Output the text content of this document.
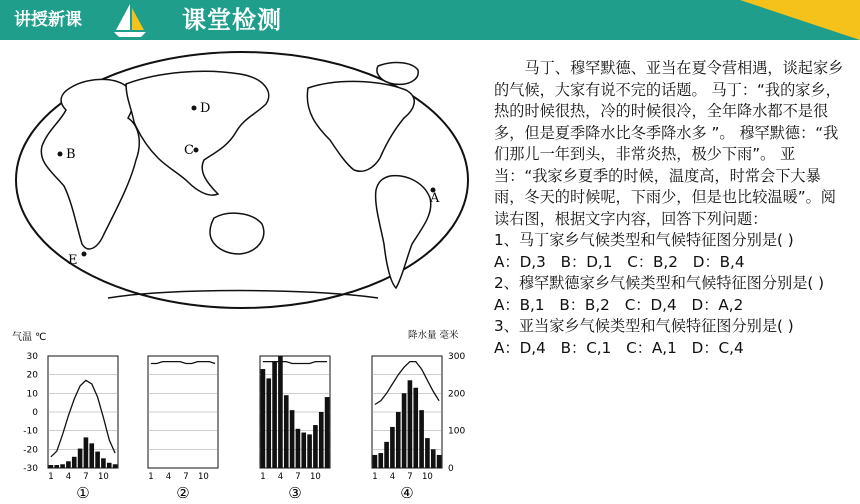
讲授新课	课堂检测
A
B	C
D
E
气温 ℃	降水量 毫米
30
20
10
0
-10
-20
-30
300
200
100
0
1 4 7 10
①
1 4 7 10
②
1 4 7 10
③
1 4 7 10
④

马丁、穆罕默德、亚当在夏令营相遇，谈起家乡的气候，大家有说不完的话题。 马丁：“我的家乡，热的时候很热，冷的时候很冷，全年降水都不是很多，但是夏季降水比冬季降水多 ”。 穆罕默德：“我们那儿一年到头，非常炎热，极少下雨”。 亚当：“我家乡夏季的时候，温度高，时常会下大暴雨，冬天的时候呢，下雨少，但是也比较温暖”。阅读右图，根据文字内容，回答下列问题：

1、马丁家乡气候类型和气候特征图分别是( )

A：D,3 B：D,1 C：B,2 D：B,4

2、穆罕默德家乡气候类型和气候特征图分别是( )

A：B,1 B：B,2 C：D,4 D：A,2

3、亚当家乡气候类型和气候特征图分别是( )

A：D,4 B：C,1 C：A,1 D：C,4
